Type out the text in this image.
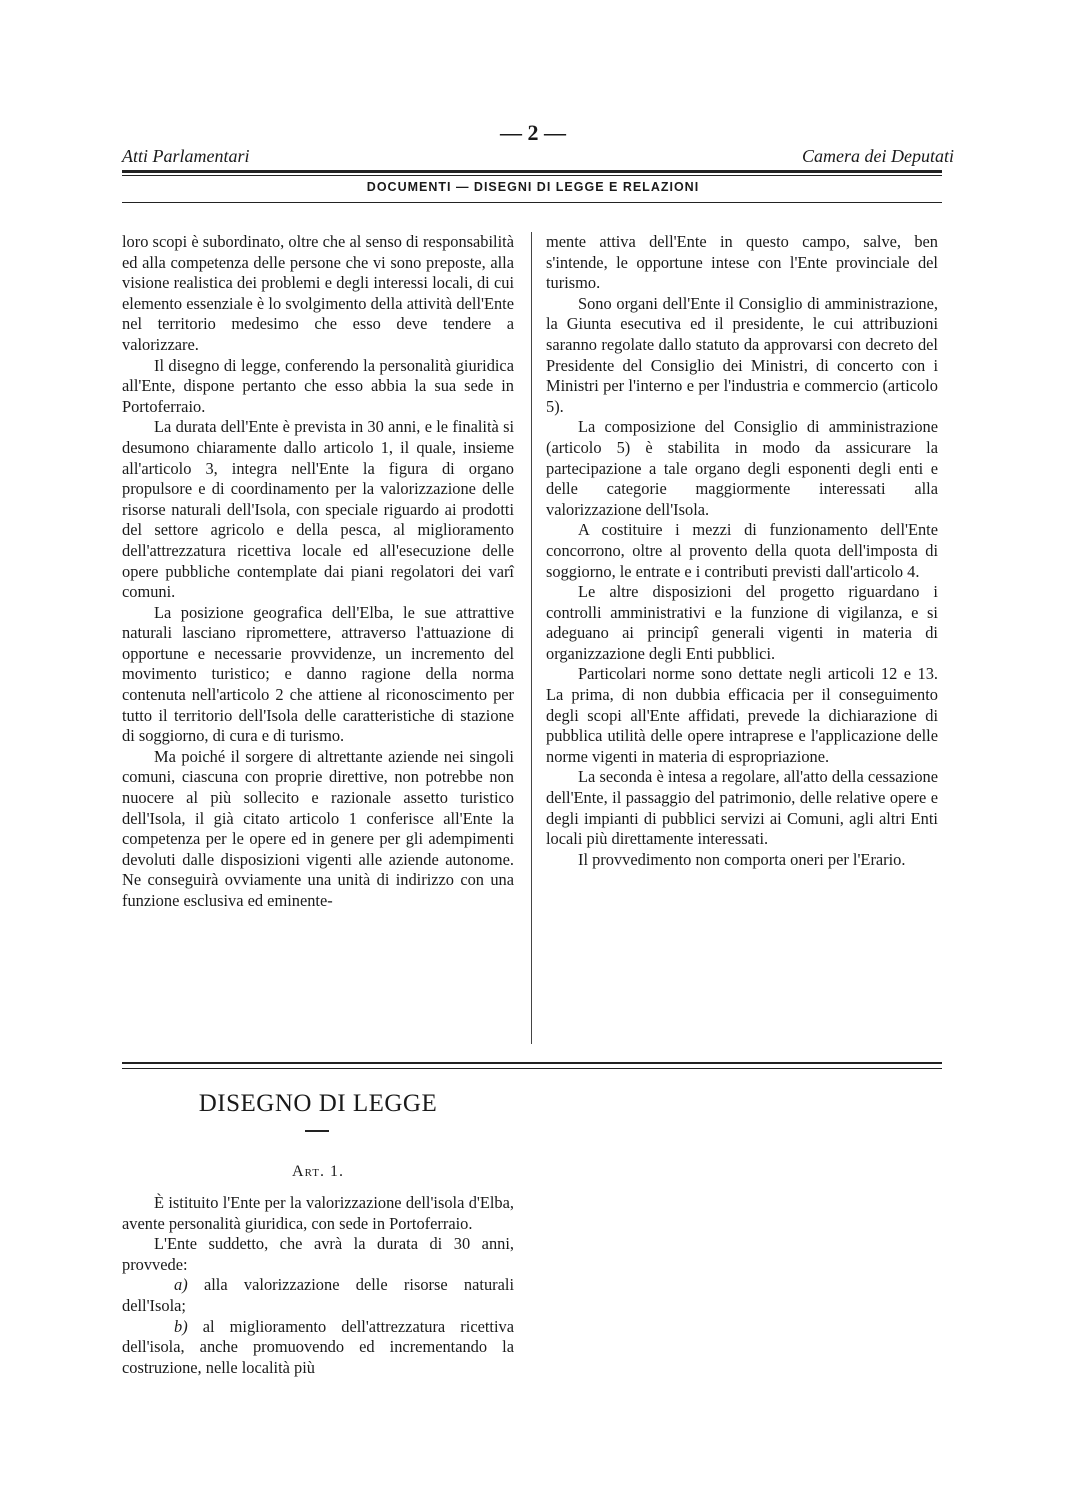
— 2 —
Atti Parlamentari	Camera dei Deputati
DOCUMENTI — DISEGNI DI LEGGE E RELAZIONI

loro scopi è subordinato, oltre che al senso di responsabilità ed alla competenza delle persone che vi sono preposte, alla visione realistica dei problemi e degli interessi locali, di cui elemento essenziale è lo svolgimento della attività dell'Ente nel territorio medesimo che esso deve tendere a valorizzare.

Il disegno di legge, conferendo la personalità giuridica all'Ente, dispone pertanto che esso abbia la sua sede in Portoferraio.

La durata dell'Ente è prevista in 30 anni, e le finalità si desumono chiaramente dallo articolo 1, il quale, insieme all'articolo 3, integra nell'Ente la figura di organo propulsore e di coordinamento per la valorizzazione delle risorse naturali dell'Isola, con speciale riguardo ai prodotti del settore agricolo e della pesca, al miglioramento dell'attrezzatura ricettiva locale ed all'esecuzione delle opere pubbliche contemplate dai piani regolatori dei varî comuni.

La posizione geografica dell'Elba, le sue attrattive naturali lasciano ripromettere, attraverso l'attuazione di opportune e necessarie provvidenze, un incremento del movimento turistico; e danno ragione della norma contenuta nell'articolo 2 che attiene al riconoscimento per tutto il territorio dell'Isola delle caratteristiche di stazione di soggiorno, di cura e di turismo.

Ma poiché il sorgere di altrettante aziende nei singoli comuni, ciascuna con proprie direttive, non potrebbe non nuocere al più sollecito e razionale assetto turistico dell'Isola, il già citato articolo 1 conferisce all'Ente la competenza per le opere ed in genere per gli adempimenti devoluti dalle disposizioni vigenti alle aziende autonome. Ne conseguirà ovviamente una unità di indirizzo con una funzione esclusiva ed eminente-

mente attiva dell'Ente in questo campo, salve, ben s'intende, le opportune intese con l'Ente provinciale del turismo.

Sono organi dell'Ente il Consiglio di amministrazione, la Giunta esecutiva ed il presidente, le cui attribuzioni saranno regolate dallo statuto da approvarsi con decreto del Presidente del Consiglio dei Ministri, di concerto con i Ministri per l'interno e per l'industria e commercio (articolo 5).

La composizione del Consiglio di amministrazione (articolo 5) è stabilita in modo da assicurare la partecipazione a tale organo degli esponenti degli enti e delle categorie maggiormente interessati alla valorizzazione dell'Isola.

A costituire i mezzi di funzionamento dell'Ente concorrono, oltre al provento della quota dell'imposta di soggiorno, le entrate e i contributi previsti dall'articolo 4.

Le altre disposizioni del progetto riguardano i controlli amministrativi e la funzione di vigilanza, e si adeguano ai principî generali vigenti in materia di organizzazione degli Enti pubblici.

Particolari norme sono dettate negli articoli 12 e 13. La prima, di non dubbia efficacia per il conseguimento degli scopi all'Ente affidati, prevede la dichiarazione di pubblica utilità delle opere intraprese e l'applicazione delle norme vigenti in materia di espropriazione.

La seconda è intesa a regolare, all'atto della cessazione dell'Ente, il passaggio del patrimonio, delle relative opere e degli impianti di pubblici servizi ai Comuni, agli altri Enti locali più direttamente interessati.

Il provvedimento non comporta oneri per l'Erario.

DISEGNO DI LEGGE
Art. 1.

È istituito l'Ente per la valorizzazione dell'isola d'Elba, avente personalità giuridica, con sede in Portoferraio.

L'Ente suddetto, che avrà la durata di 30 anni, provvede:

a) alla valorizzazione delle risorse naturali dell'Isola;

b) al miglioramento dell'attrezzatura ricettiva dell'isola, anche promuovendo ed incrementando la costruzione, nelle località più
